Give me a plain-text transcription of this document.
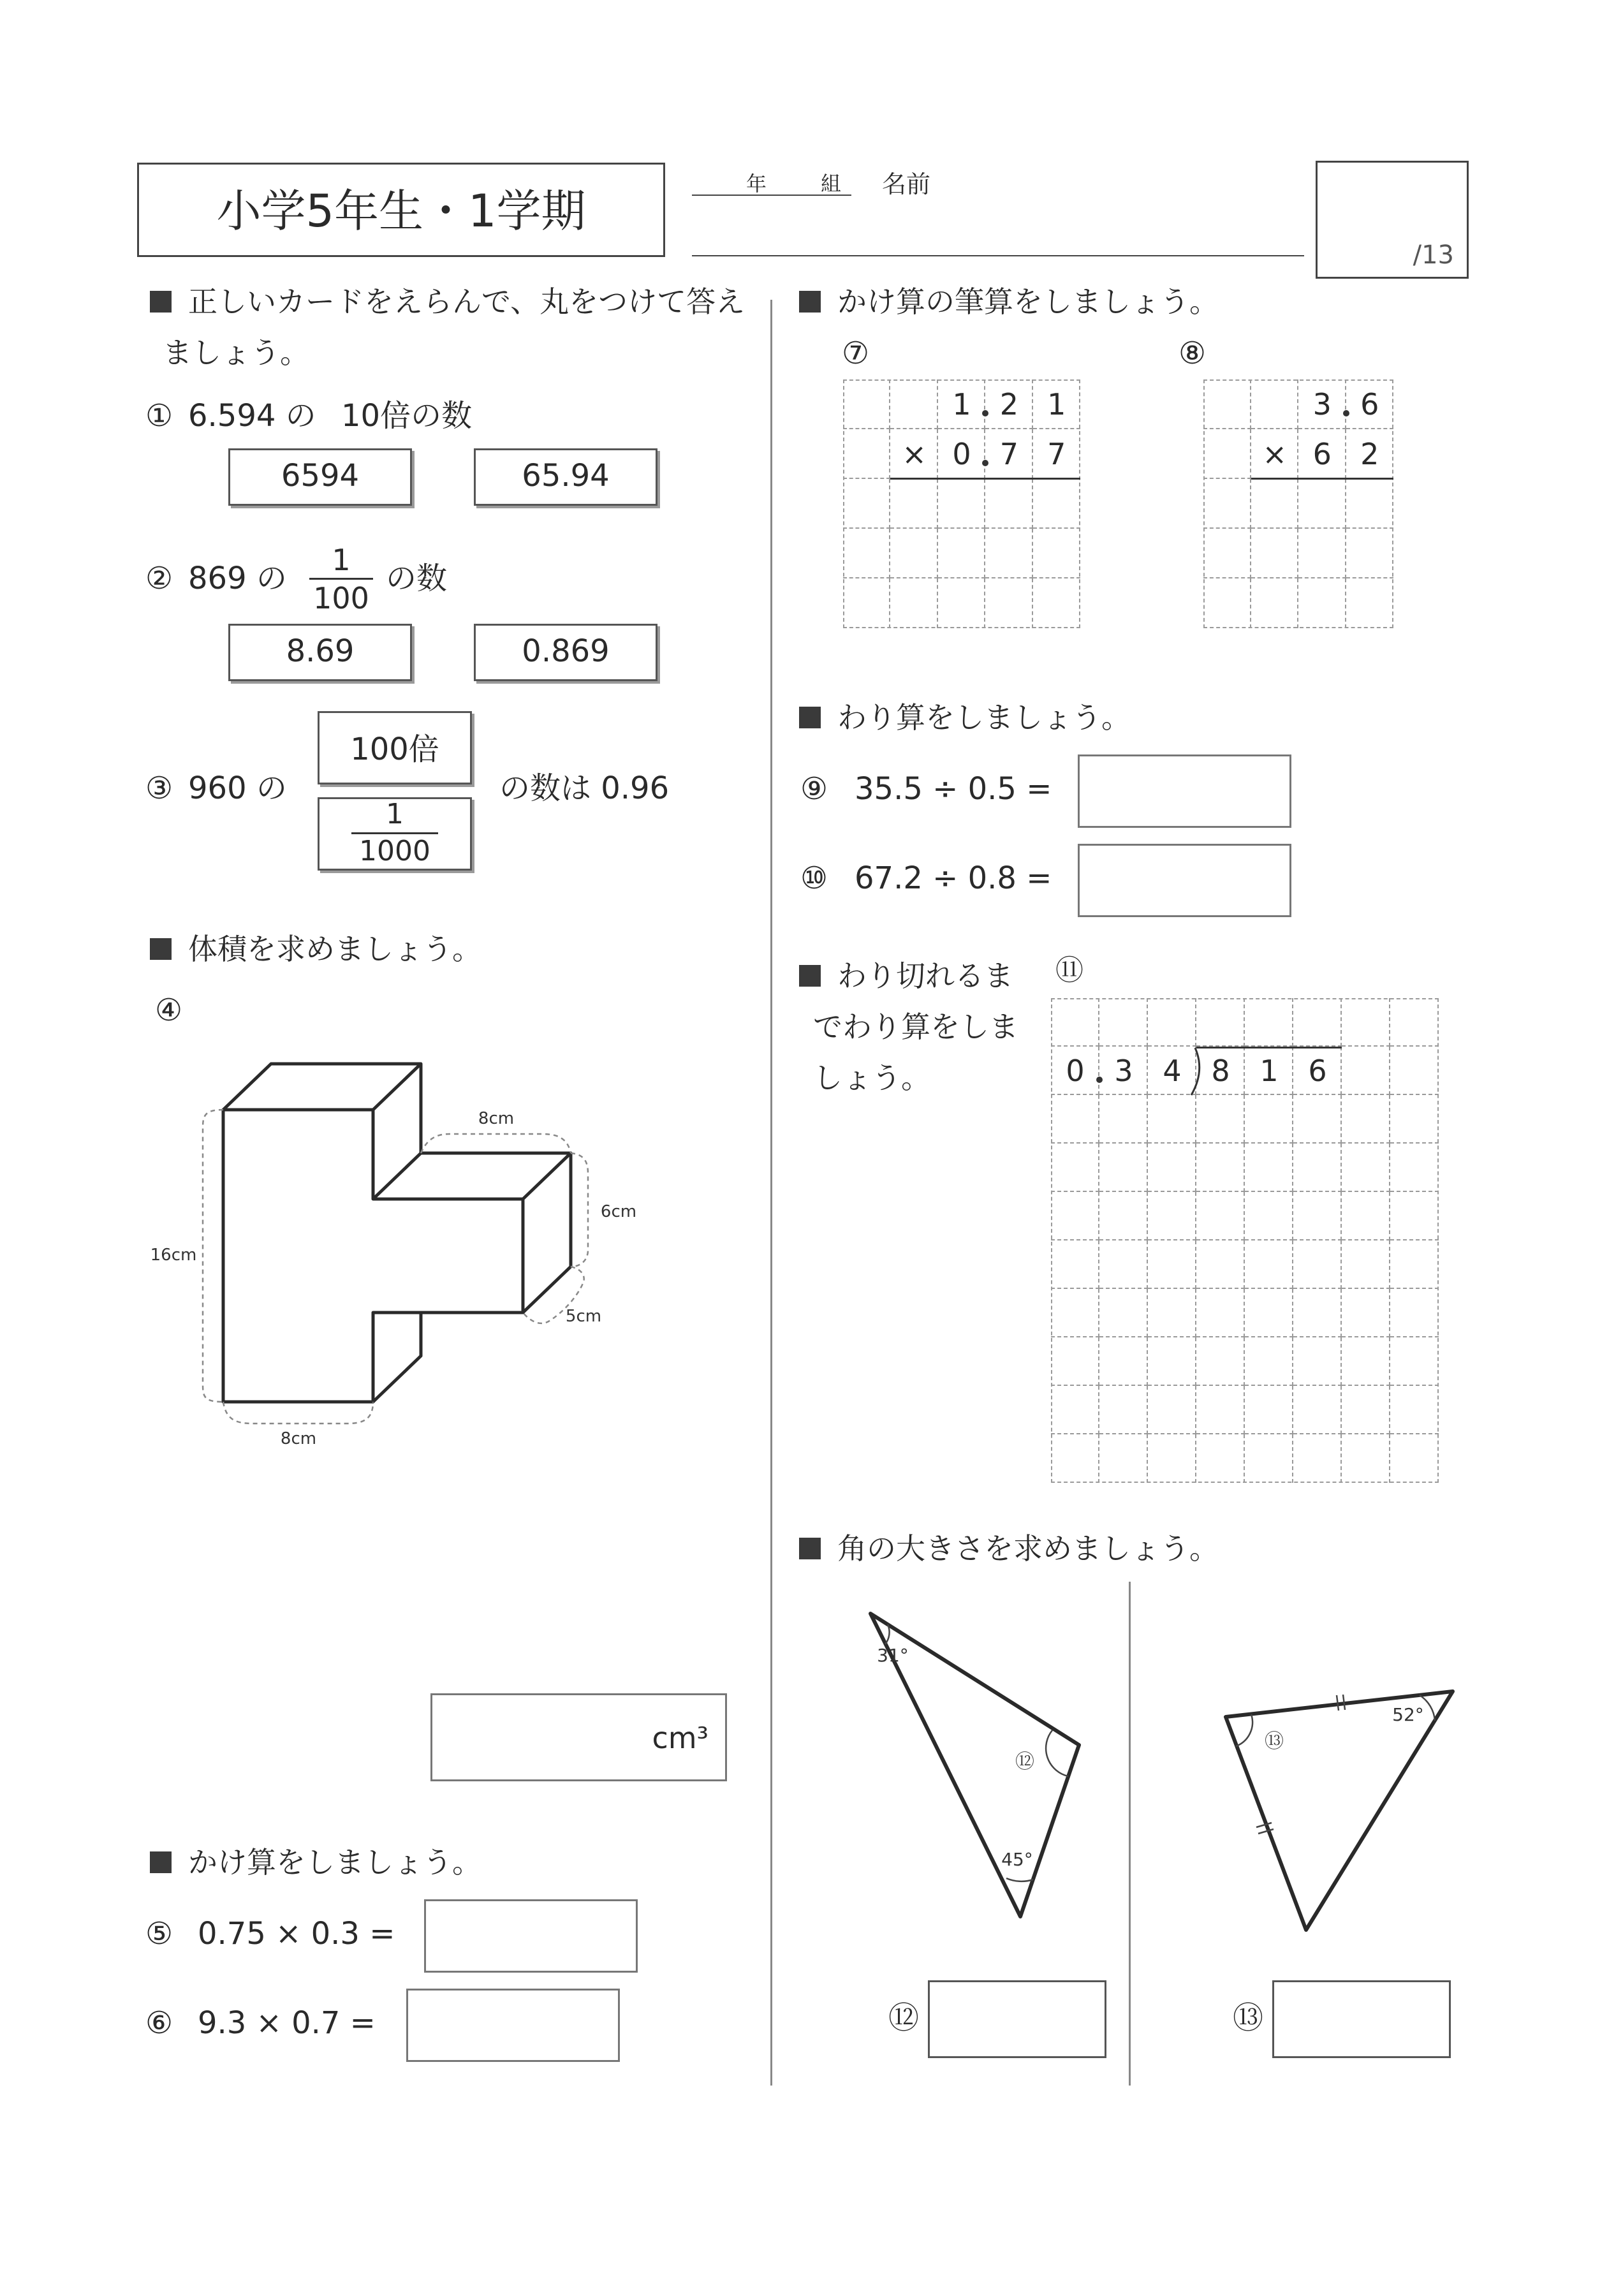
小学5年生・1学期
年	組 名前
/13
正しいカードをえらんで、丸をつけて答え
ましょう。
① 6.594 の 10倍の数
6594	65.94
② 869 の
1
100
の数
8.69	0.869
③ 960 の
100倍
1
1000
の数は 0.96
体積を求めましょう。
④
8cm
6cm
16cm
5cm
8cm
cm³
かけ算をしましょう。
⑤ 0.75 × 0.3 =
⑥ 9.3 × 0.7 =
かけ算の筆算をしましょう。
⑦	⑧
1 2 1
× 0 7 7
3 6
× 6 2
わり算をしましょう。
⑨ 35.5 ÷ 0.5 =
⑩ 67.2 ÷ 0.8 =
わり切れるま
でわり算をしま
しょう。
⑪
0	3	4	8	1	6
角の大きさを求めましょう。
31°
⑫
45°
⑬
52°
⑫	⑬
